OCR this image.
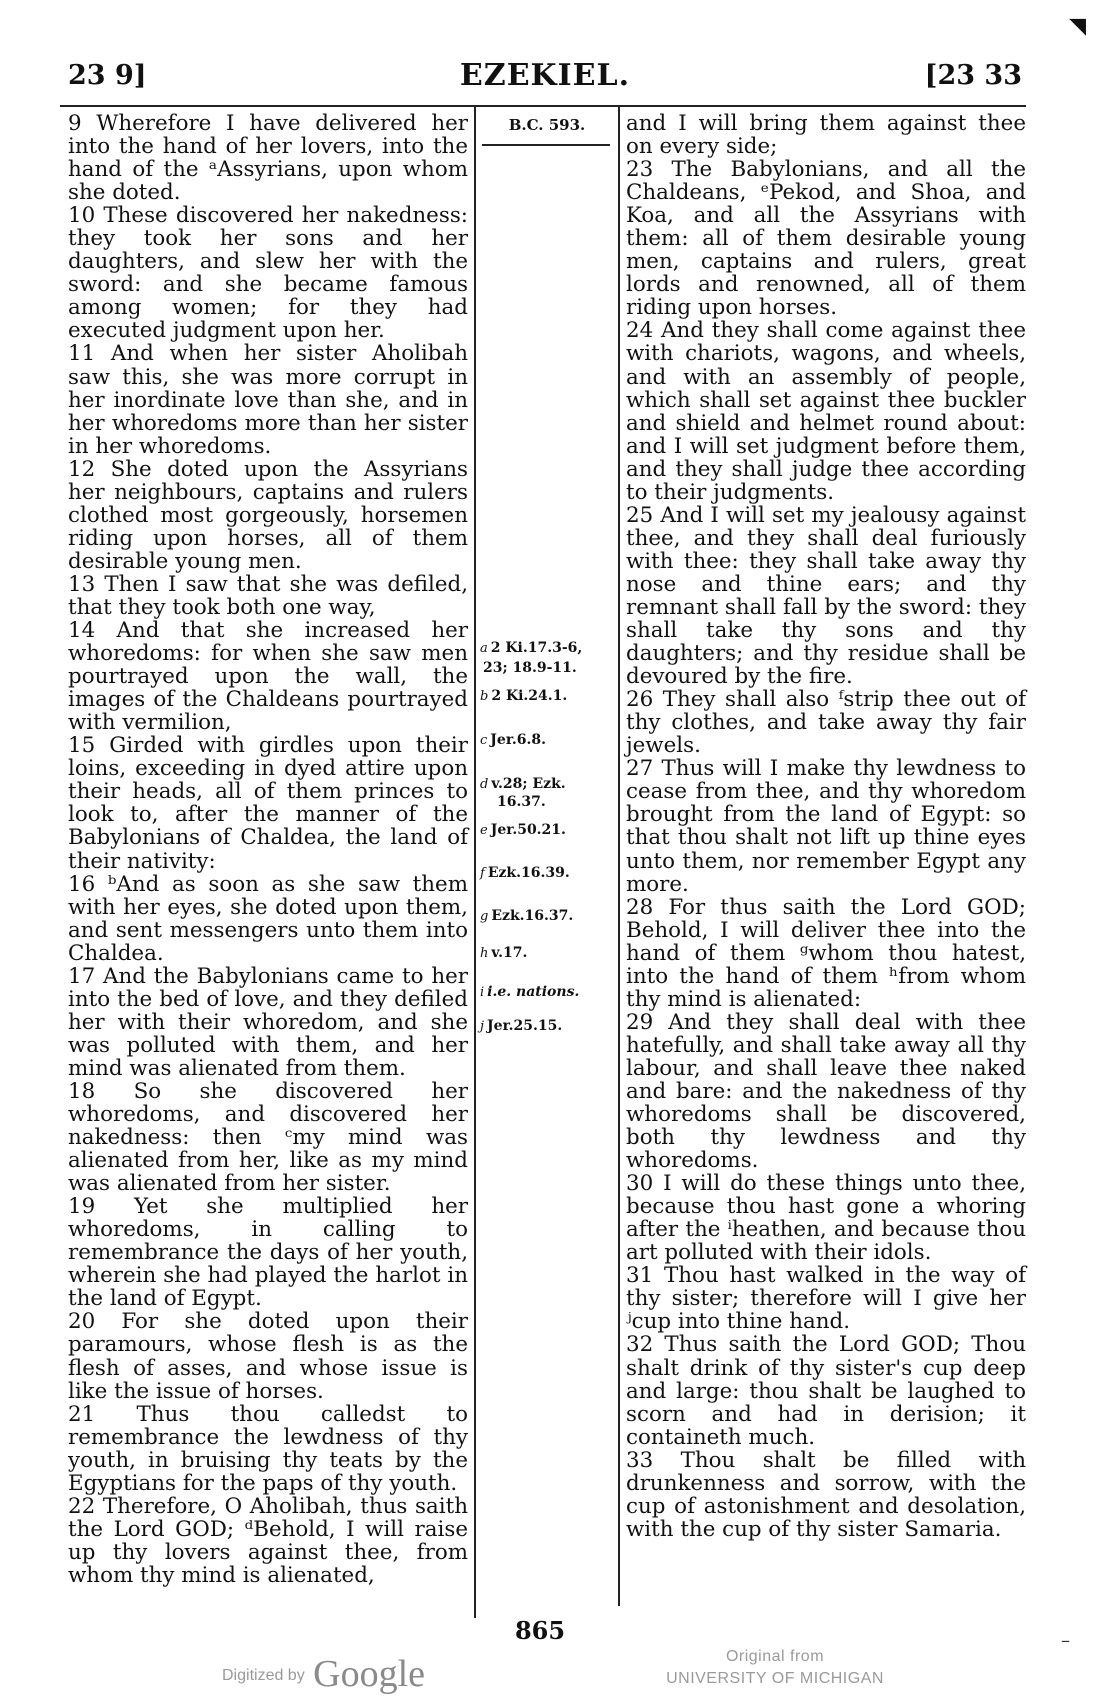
◥
23 9]	EZEKIEL.	[23 33

9 Wherefore I have delivered her into the hand of her lovers, into the hand of the ᵃAssyrians, upon whom she doted.

10 These discovered her nakedness: they took her sons and her daughters, and slew her with the sword: and she became famous among women; for they had executed judgment upon her.

11 And when her sister Aholibah saw this, she was more corrupt in her inordinate love than she, and in her whoredoms more than her sister in her whoredoms.

12 She doted upon the Assyrians her neighbours, captains and rulers clothed most gorgeously, horsemen riding upon horses, all of them desirable young men.

13 Then I saw that she was defiled, that they took both one way,

14 And that she increased her whoredoms: for when she saw men pourtrayed upon the wall, the images of the Chaldeans pourtrayed with vermilion,

15 Girded with girdles upon their loins, exceeding in dyed attire upon their heads, all of them princes to look to, after the manner of the Babylonians of Chaldea, the land of their nativity:

16 ᵇAnd as soon as she saw them with her eyes, she doted upon them, and sent messengers unto them into Chaldea.

17 And the Babylonians came to her into the bed of love, and they defiled her with their whoredom, and she was polluted with them, and her mind was alienated from them.

18 So she discovered her whoredoms, and discovered her nakedness: then ᶜmy mind was alienated from her, like as my mind was alienated from her sister.

19 Yet she multiplied her whoredoms, in calling to remembrance the days of her youth, wherein she had played the harlot in the land of Egypt.

20 For she doted upon their paramours, whose flesh is as the flesh of asses, and whose issue is like the issue of horses.

21 Thus thou calledst to remembrance the lewdness of thy youth, in bruising thy teats by the Egyptians for the paps of thy youth.

22 Therefore, O Aholibah, thus saith the Lord GOD; ᵈBehold, I will raise up thy lovers against thee, from whom thy mind is alienated,

B.C. 593.
a 2 Ki.17.3-6,
23; 18.9-11.
b 2 Ki.24.1.
c Jer.6.8.
d v.28; Ezk.
16.37.
e Jer.50.21.
f Ezk.16.39.
g Ezk.16.37.
h v.17.
i i.e. nations.
j Jer.25.15.

and I will bring them against thee on every side;

23 The Babylonians, and all the Chaldeans, ᵉPekod, and Shoa, and Koa, and all the Assyrians with them: all of them desirable young men, captains and rulers, great lords and renowned, all of them riding upon horses.

24 And they shall come against thee with chariots, wagons, and wheels, and with an assembly of people, which shall set against thee buckler and shield and helmet round about: and I will set judgment before them, and they shall judge thee according to their judgments.

25 And I will set my jealousy against thee, and they shall deal furiously with thee: they shall take away thy nose and thine ears; and thy remnant shall fall by the sword: they shall take thy sons and thy daughters; and thy residue shall be devoured by the fire.

26 They shall also ᶠstrip thee out of thy clothes, and take away thy fair jewels.

27 Thus will I make thy lewdness to cease from thee, and thy whoredom brought from the land of Egypt: so that thou shalt not lift up thine eyes unto them, nor remember Egypt any more.

28 For thus saith the Lord GOD; Behold, I will deliver thee into the hand of them ᵍwhom thou hatest, into the hand of them ʰfrom whom thy mind is alienated:

29 And they shall deal with thee hatefully, and shall take away all thy labour, and shall leave thee naked and bare: and the nakedness of thy whoredoms shall be discovered, both thy lewdness and thy whoredoms.

30 I will do these things unto thee, because thou hast gone a whoring after the ⁱheathen, and because thou art polluted with their idols.

31 Thou hast walked in the way of thy sister; therefore will I give her ʲcup into thine hand.

32 Thus saith the Lord GOD; Thou shalt drink of thy sister's cup deep and large: thou shalt be laughed to scorn and had in derision; it containeth much.

33 Thou shalt be filled with drunkenness and sorrow, with the cup of astonishment and desolation, with the cup of thy sister Samaria.

865
Digitized by Google	Original from
UNIVERSITY OF MICHIGAN
–
